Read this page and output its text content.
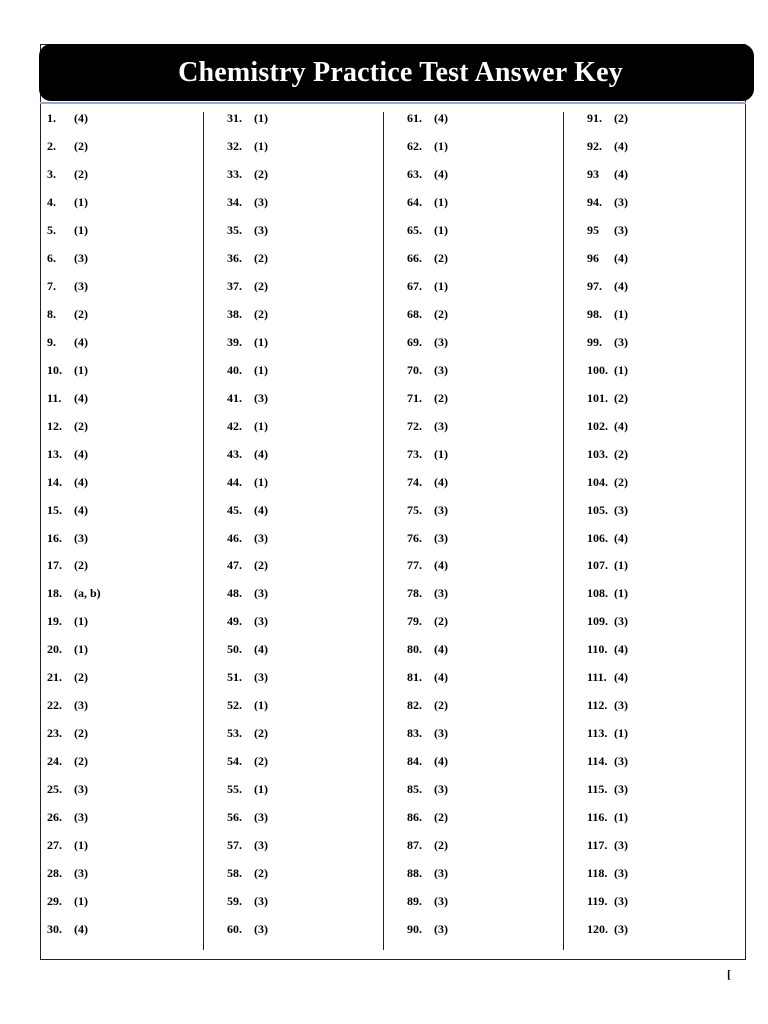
Chemistry Practice Test Answer Key
1.	(4)
2.	(2)
3.	(2)
4.	(1)
5.	(1)
6.	(3)
7.	(3)
8.	(2)
9.	(4)
10.	(1)
11.	(4)
12.	(2)
13.	(4)
14.	(4)
15.	(4)
16.	(3)
17.	(2)
18.	(a, b)
19.	(1)
20.	(1)
21.	(2)
22.	(3)
23.	(2)
24.	(2)
25.	(3)
26.	(3)
27.	(1)
28.	(3)
29.	(1)
30.	(4)
31.	(1)
32.	(1)
33.	(2)
34.	(3)
35.	(3)
36.	(2)
37.	(2)
38.	(2)
39.	(1)
40.	(1)
41.	(3)
42.	(1)
43.	(4)
44.	(1)
45.	(4)
46.	(3)
47.	(2)
48.	(3)
49.	(3)
50.	(4)
51.	(3)
52.	(1)
53.	(2)
54.	(2)
55.	(1)
56.	(3)
57.	(3)
58.	(2)
59.	(3)
60.	(3)
61.	(4)
62.	(1)
63.	(4)
64.	(1)
65.	(1)
66.	(2)
67.	(1)
68.	(2)
69.	(3)
70.	(3)
71.	(2)
72.	(3)
73.	(1)
74.	(4)
75.	(3)
76.	(3)
77.	(4)
78.	(3)
79.	(2)
80.	(4)
81.	(4)
82.	(2)
83.	(3)
84.	(4)
85.	(3)
86.	(2)
87.	(2)
88.	(3)
89.	(3)
90.	(3)
91.	(2)
92.	(4)
93	(4)
94.	(3)
95	(3)
96	(4)
97.	(4)
98.	(1)
99.	(3)
100. (1)
101. (2)
102. (4)
103. (2)
104. (2)
105. (3)
106. (4)
107. (1)
108. (1)
109. (3)
110. (4)
111. (4)
112. (3)
113. (1)
114. (3)
115. (3)
116. (1)
117. (3)
118. (3)
119. (3)
120. (3)
[
